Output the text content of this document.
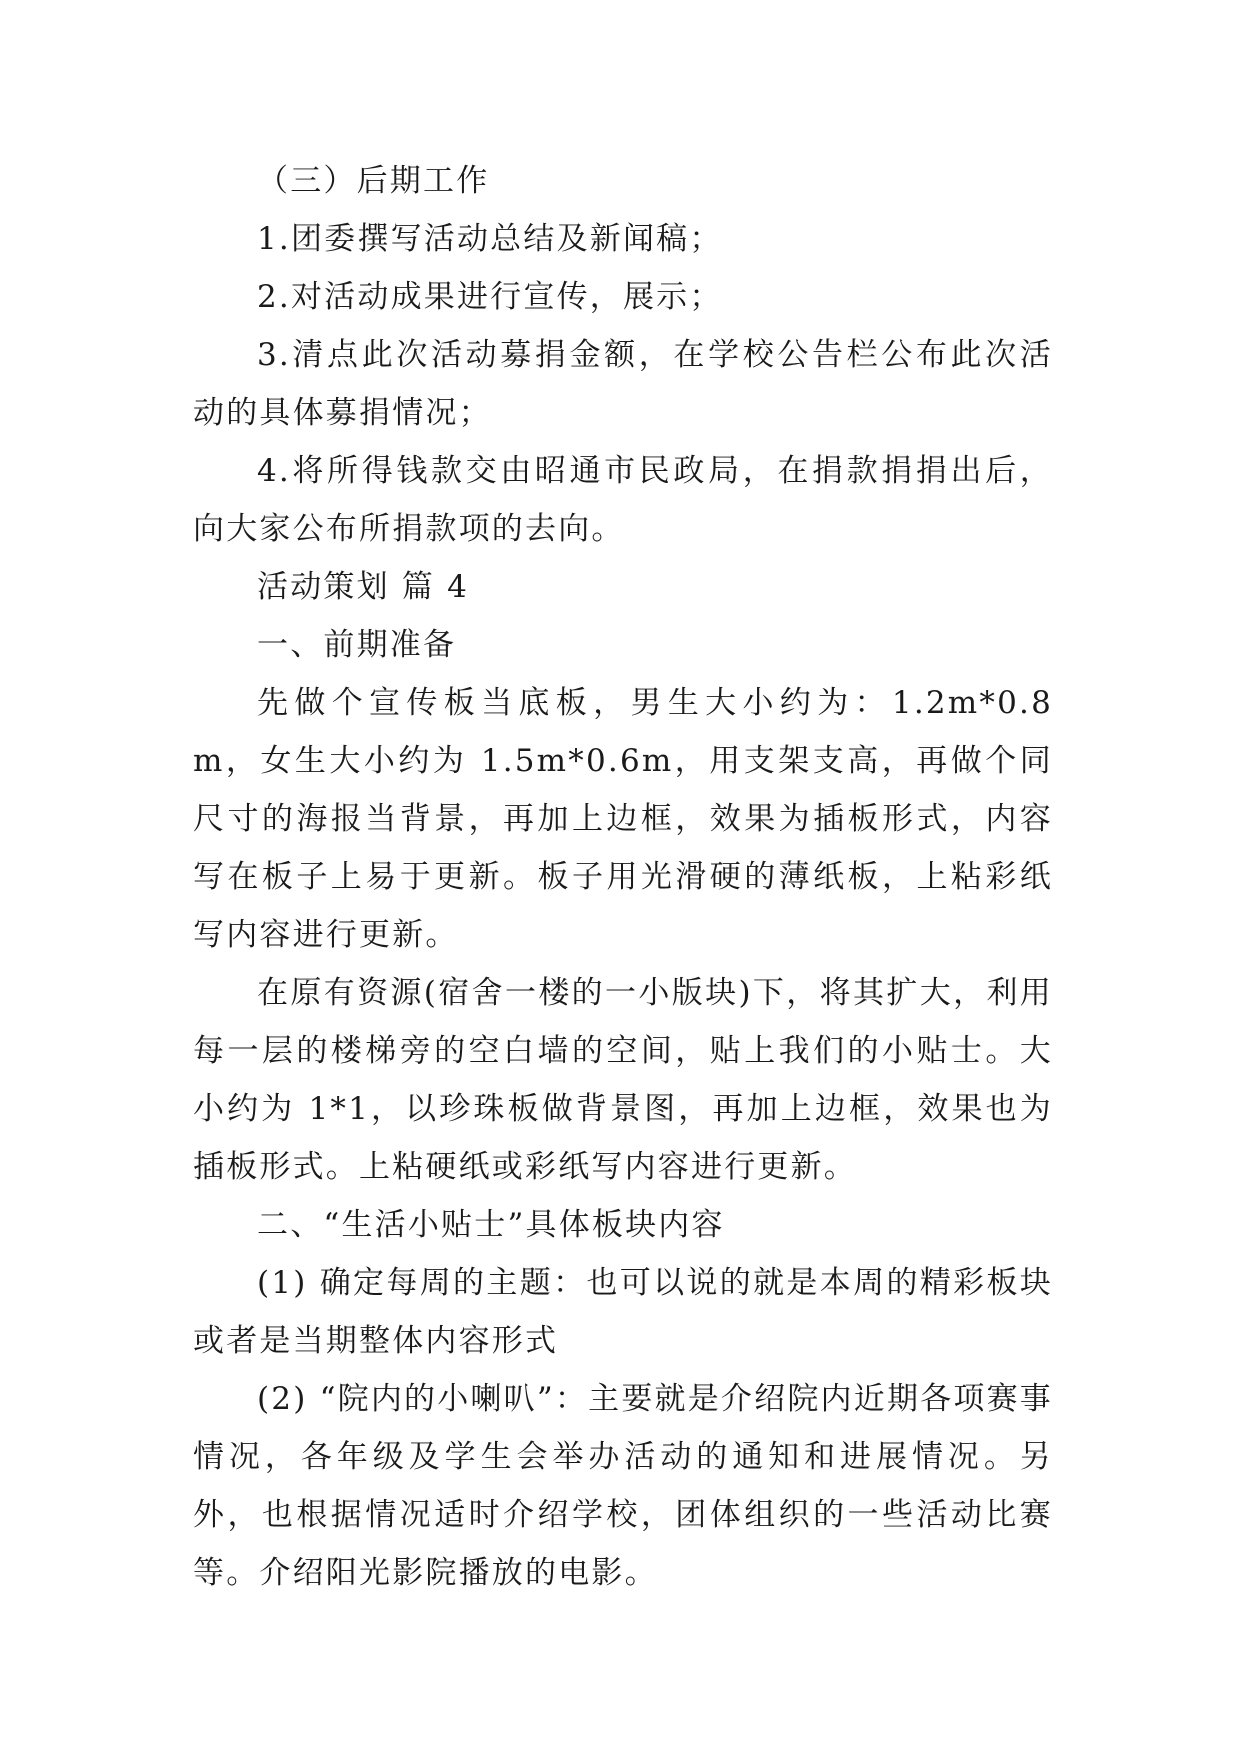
（三）后期工作

1.团委撰写活动总结及新闻稿；

2.对活动成果进行宣传，展示；

3.清点此次活动募捐金额，在学校公告栏公布此次活动的具体募捐情况；

4.将所得钱款交由昭通市民政局，在捐款捐捐出后，向大家公布所捐款项的去向。

活动策划 篇 4

一、前期准备

先做个宣传板当底板，男生大小约为：1.2m*0.8 m，女生大小约为 1.5m*0.6m，用支架支高，再做个同尺寸的海报当背景，再加上边框，效果为插板形式，内容写在板子上易于更新。板子用光滑硬的薄纸板，上粘彩纸写内容进行更新。

在原有资源(宿舍一楼的一小版块)下，将其扩大，利用每一层的楼梯旁的空白墙的空间，贴上我们的小贴士。大小约为 1*1，以珍珠板做背景图，再加上边框，效果也为插板形式。上粘硬纸或彩纸写内容进行更新。

二、“生活小贴士”具体板块内容

(1) 确定每周的主题：也可以说的就是本周的精彩板块或者是当期整体内容形式

(2) “院内的小喇叭”：主要就是介绍院内近期各项赛事情况，各年级及学生会举办活动的通知和进展情况。另外，也根据情况适时介绍学校，团体组织的一些活动比赛等。介绍阳光影院播放的电影。
